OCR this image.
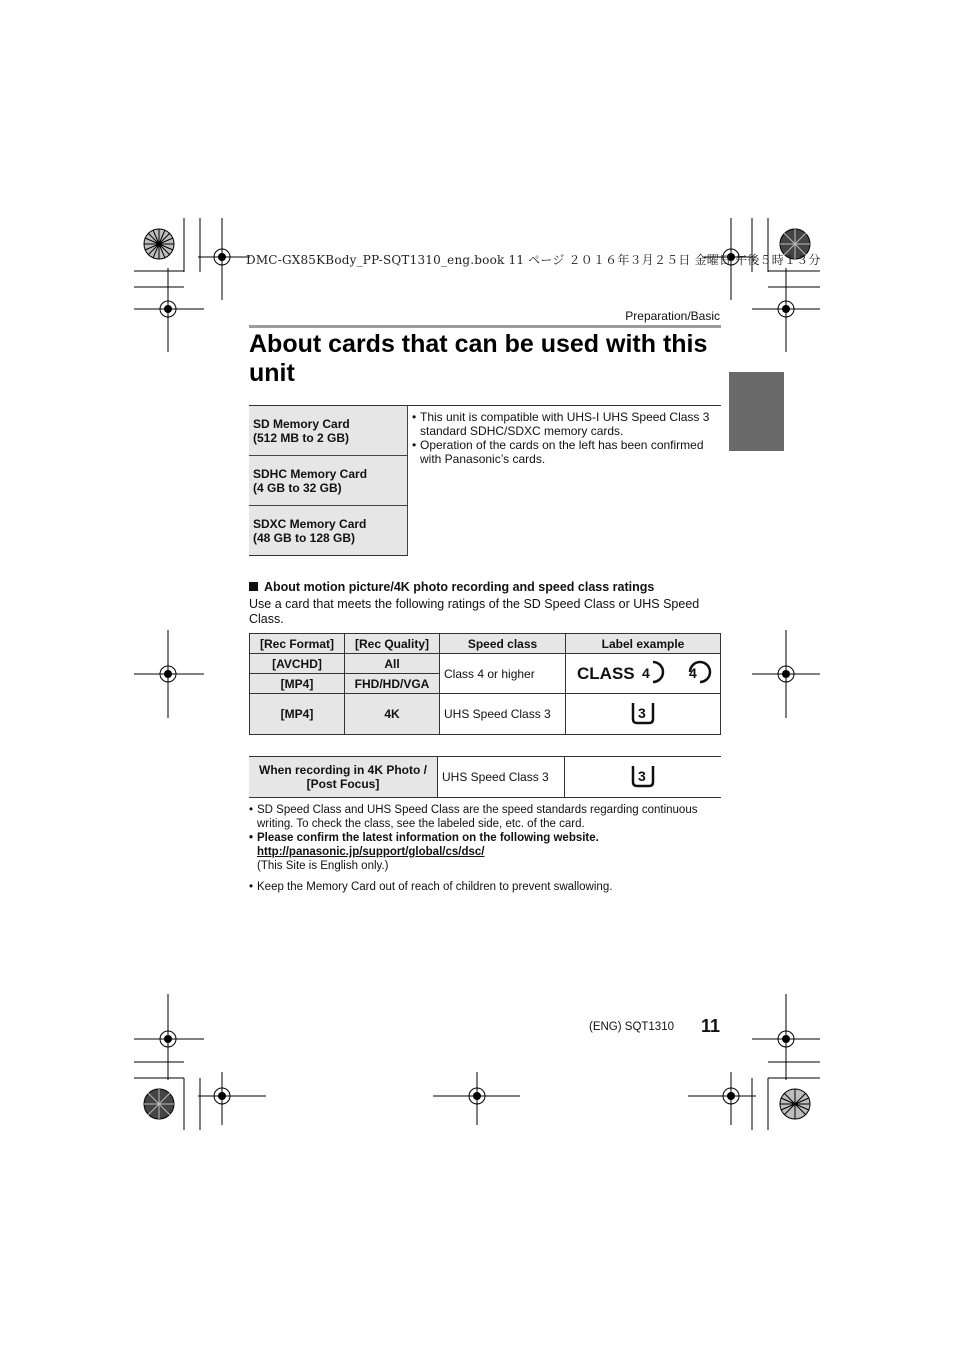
DMC-GX85KBody_PP-SQT1310_eng.book 11 ページ ２０１６年３月２５日 金曜日 午後５時１３分
Preparation/Basic
About cards that can be used with this unit
SD Memory Card
(512 MB to 2 GB)

• This unit is compatible with UHS-I UHS Speed Class 3 standard SDHC/SDXC memory cards.
• Operation of the cards on the left has been confirmed with Panasonic’s cards.

SDHC Memory Card
(4 GB to 32 GB)

SDXC Memory Card
(48 GB to 128 GB)
About motion picture/4K photo recording and speed class ratings
Use a card that meets the following ratings of the SD Speed Class or UHS Speed Class.
[Rec Format]	[Rec Quality]	Speed class	Label example
[AVCHD]	All	Class 4 or higher	CLASS 4 4

[MP4]	FHD/HD/VGA		
[MP4]	4K	UHS Speed Class 3	3
When recording in 4K Photo / [Post Focus]	UHS Speed Class 3	3
• SD Speed Class and UHS Speed Class are the speed standards regarding continuous writing. To check the class, see the labeled side, etc. of the card.
• Please confirm the latest information on the following website.
http://panasonic.jp/support/global/cs/dsc/
(This Site is English only.)
• Keep the Memory Card out of reach of children to prevent swallowing.
(ENG) SQT1310	11
